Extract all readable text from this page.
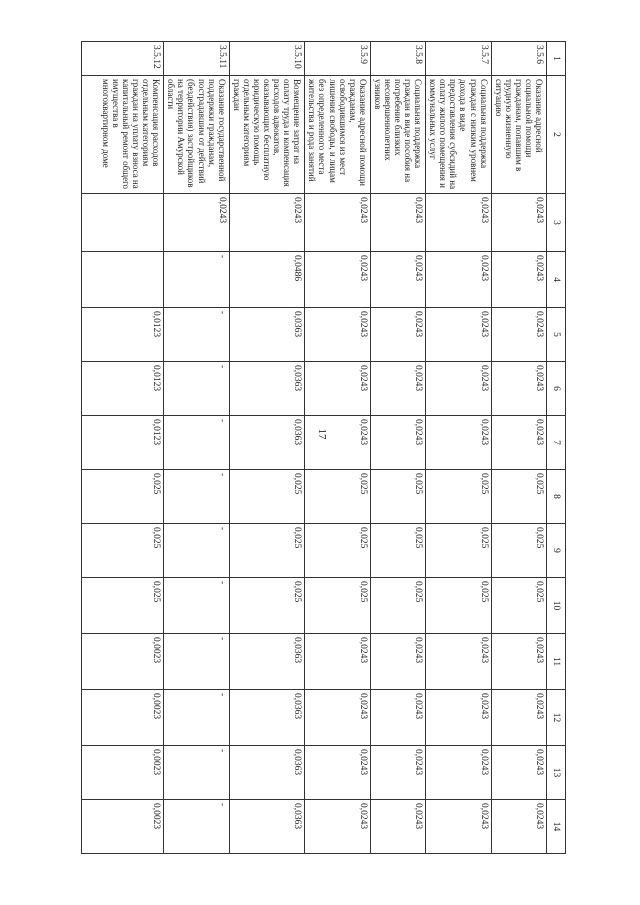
17
1	2	3	4	5	6	7	8	9	10	11	12	13	14
3.5.6	Оказание адресной социальной помощи гражданам, попавшим в трудную жизненную ситуацию	0,0243	0,0243	0,0243	0,0243	0,0243	0,025	0,025	0,025	0,0243	0,0243	0,0243	0,0243
3.5.7	Социальная поддержка граждан с низким уровнем дохода в виде предоставления субсидий на оплату жилого помещения и коммунальных услуг	0,0243	0,0243	0,0243	0,0243	0,0243	0,025	0,025	0,025	0,0243	0,0243	0,0243	0,0243
3.5.8	Социальная поддержка граждан в виде пособия на погребение близких несовершеннолетних узников	0,0243	0,0243	0,0243	0,0243	0,0243	0,025	0,025	0,025	0,0243	0,0243	0,0243	0,0243
3.5.9	Оказание адресной помощи гражданам, освободившимся из мест лишения свободы, и лицам без определенного места жительства и рода занятий	0,0243	0,0243	0,0243	0,0243	0,0243	0,025	0,025	0,025	0,0243	0,0243	0,0243	0,0243
3.5.10	Возмещение затрат на оплату труда и компенсация расходов адвокатов, оказывающих бесплатную юридическую помощь отдельным категориям граждан	0,0243	0,0486	0,0363	0,0363	0,0363	0,025	0,025	0,025	0,0363	0,0363	0,0363	0,0363
3.5.11	Оказание государственной поддержки гражданам, пострадавшим от действий (бездействия) застройщиков на территории Амурской области	0,0243	-	-	-	-	-	-	-	-	-	-	-
3.5.12	Компенсация расходов отдельным категориям граждан на уплату взноса на капитальный ремонт общего имущества в многоквартирном доме			0,0123	0,0123	0,0123	0,025	0,025	0,025	0,0023	0,0023	0,0023	0,0023
